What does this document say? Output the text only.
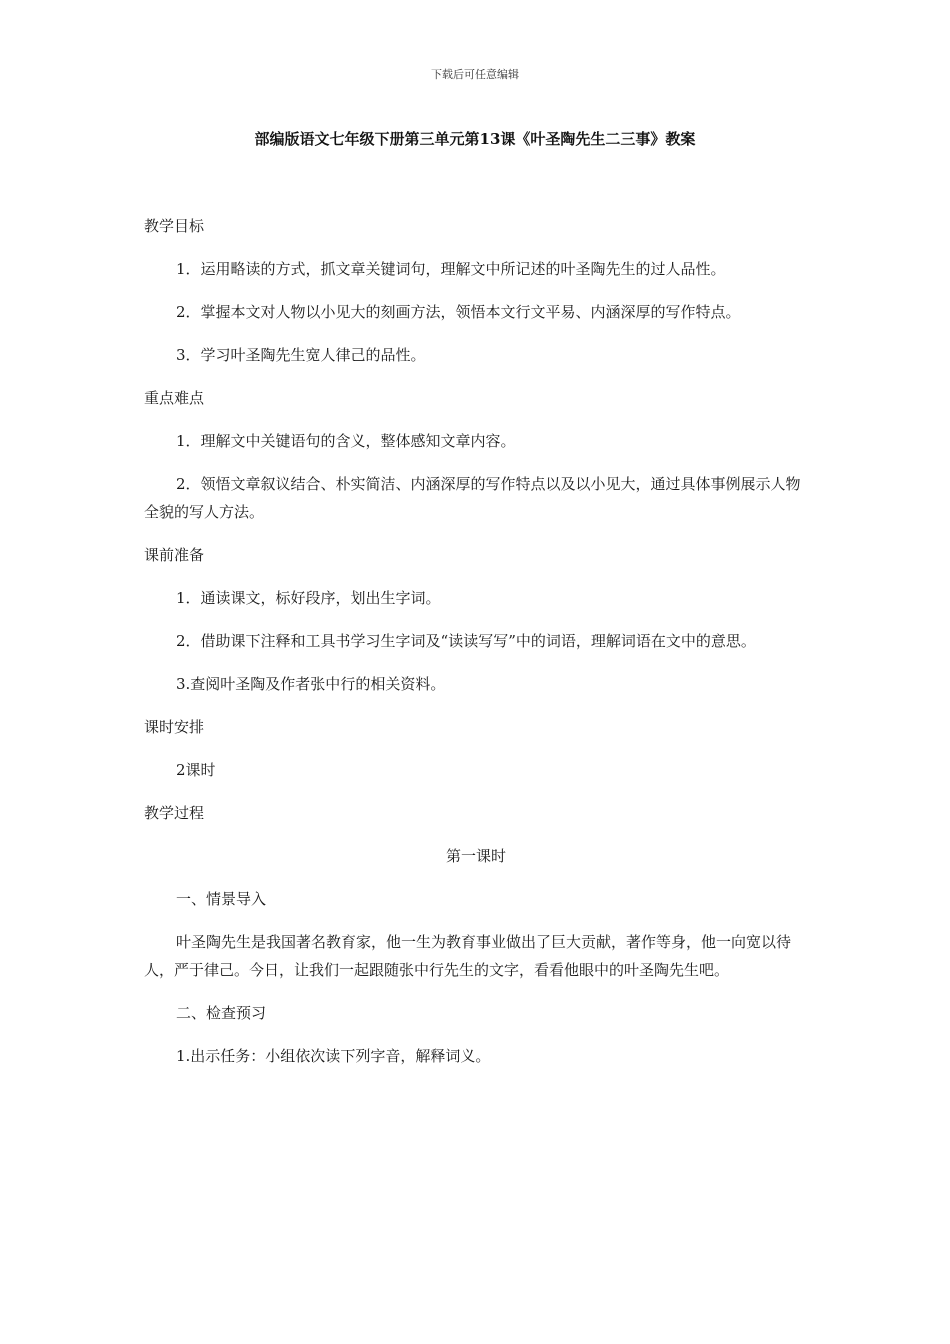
下载后可任意编辑
部编版语文七年级下册第三单元第13课《叶圣陶先生二三事》教案
教学目标
1．运用略读的方式，抓文章关键词句，理解文中所记述的叶圣陶先生的过人品性。
2．掌握本文对人物以小见大的刻画方法，领悟本文行文平易、内涵深厚的写作特点。
3．学习叶圣陶先生宽人律己的品性。
重点难点
1．理解文中关键语句的含义，整体感知文章内容。
2．领悟文章叙议结合、朴实简洁、内涵深厚的写作特点以及以小见大，通过具体事例展示人物全貌的写人方法。
课前准备
1．通读课文，标好段序，划出生字词。
2．借助课下注释和工具书学习生字词及“读读写写”中的词语，理解词语在文中的意思。
3.查阅叶圣陶及作者张中行的相关资料。
课时安排
2课时
教学过程
第一课时
一、情景导入
叶圣陶先生是我国著名教育家，他一生为教育事业做出了巨大贡献，著作等身，他一向宽以待人，严于律己。今日，让我们一起跟随张中行先生的文字，看看他眼中的叶圣陶先生吧。
二、检查预习
1.出示任务：小组依次读下列字音，解释词义。
